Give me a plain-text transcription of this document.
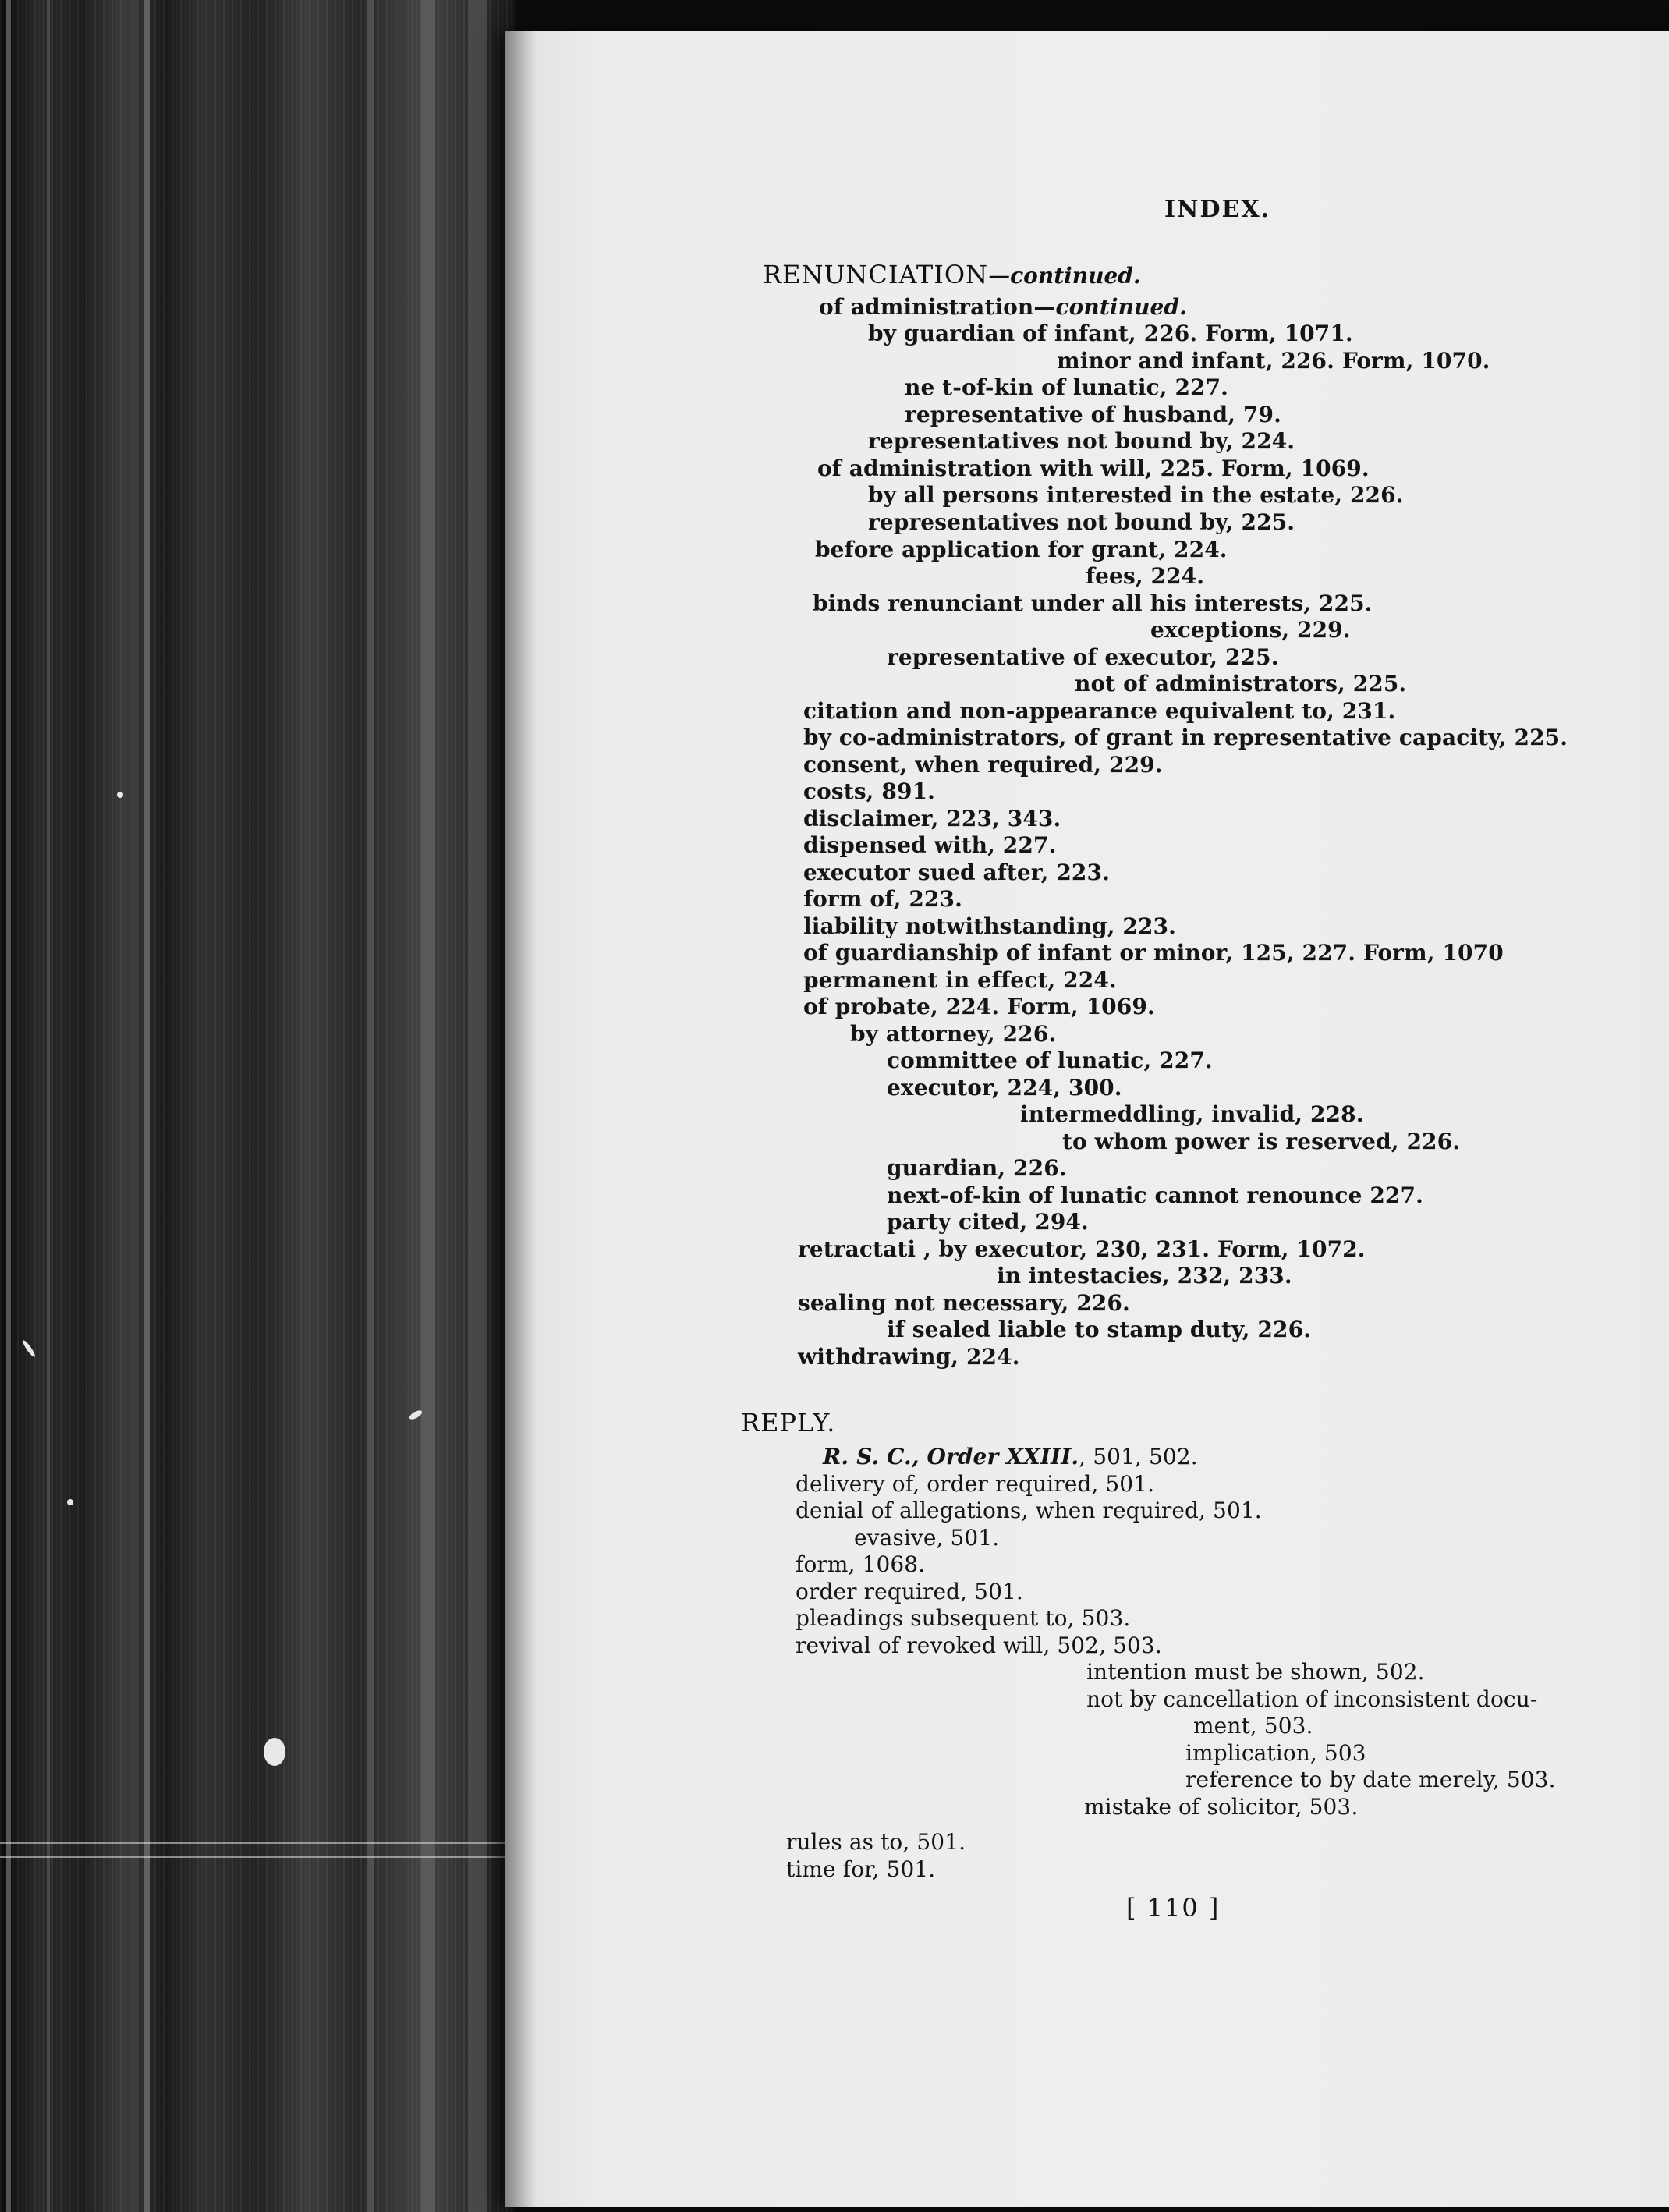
INDEX.
RENUNCIATION—continued.
of administration—continued.
by guardian of infant, 226. Form, 1071.
minor and infant, 226. Form, 1070.
ne t-of-kin of lunatic, 227.
representative of husband, 79.
representatives not bound by, 224.
of administration with will, 225. Form, 1069.
by all persons interested in the estate, 226.
representatives not bound by, 225.
before application for grant, 224.
fees, 224.
binds renunciant under all his interests, 225.
exceptions, 229.
representative of executor, 225.
not of administrators, 225.
citation and non-appearance equivalent to, 231.
by co-administrators, of grant in representative capacity, 225.
consent, when required, 229.
costs, 891.
disclaimer, 223, 343.
dispensed with, 227.
executor sued after, 223.
form of, 223.
liability notwithstanding, 223.
of guardianship of infant or minor, 125, 227. Form, 1070
permanent in effect, 224.
of probate, 224. Form, 1069.
by attorney, 226.
committee of lunatic, 227.
executor, 224, 300.
intermeddling, invalid, 228.
to whom power is reserved, 226.
guardian, 226.
next-of-kin of lunatic cannot renounce 227.
party cited, 294.
retractati , by executor, 230, 231. Form, 1072.
in intestacies, 232, 233.
sealing not necessary, 226.
if sealed liable to stamp duty, 226.
withdrawing, 224.
REPLY.
R. S. C., Order XXIII., 501, 502.
delivery of, order required, 501.
denial of allegations, when required, 501.
evasive, 501.
form, 1068.
order required, 501.
pleadings subsequent to, 503.
revival of revoked will, 502, 503.
intention must be shown, 502.
not by cancellation of inconsistent docu-
ment, 503.
implication, 503
reference to by date merely, 503.
mistake of solicitor, 503.
rules as to, 501.
time for, 501.
[ 110 ]
